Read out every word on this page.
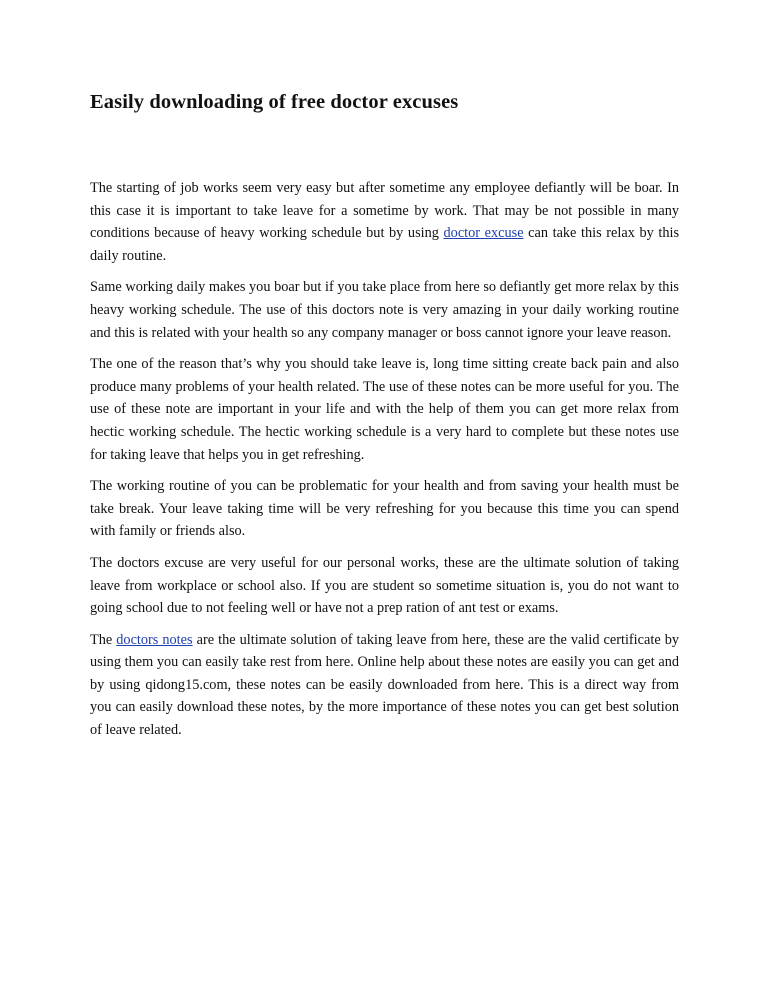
Easily downloading of free doctor excuses

The starting of job works seem very easy but after sometime any employee defiantly will be boar. In this case it is important to take leave for a sometime by work. That may be not possible in many conditions because of heavy working schedule but by using doctor excuse can take this relax by this daily routine.

Same working daily makes you boar but if you take place from here so defiantly get more relax by this heavy working schedule. The use of this doctors note is very amazing in your daily working routine and this is related with your health so any company manager or boss cannot ignore your leave reason.

The one of the reason that’s why you should take leave is, long time sitting create back pain and also produce many problems of your health related. The use of these notes can be more useful for you. The use of these note are important in your life and with the help of them you can get more relax from hectic working schedule. The hectic working schedule is a very hard to complete but these notes use for taking leave that helps you in get refreshing.

The working routine of you can be problematic for your health and from saving your health must be take break. Your leave taking time will be very refreshing for you because this time you can spend with family or friends also.

The doctors excuse are very useful for our personal works, these are the ultimate solution of taking leave from workplace or school also. If you are student so sometime situation is, you do not want to going school due to not feeling well or have not a prep ration of ant test or exams.

The doctors notes are the ultimate solution of taking leave from here, these are the valid certificate by using them you can easily take rest from here. Online help about these notes are easily you can get and by using qidong15.com, these notes can be easily downloaded from here. This is a direct way from you can easily download these notes, by the more importance of these notes you can get best solution of leave related.
